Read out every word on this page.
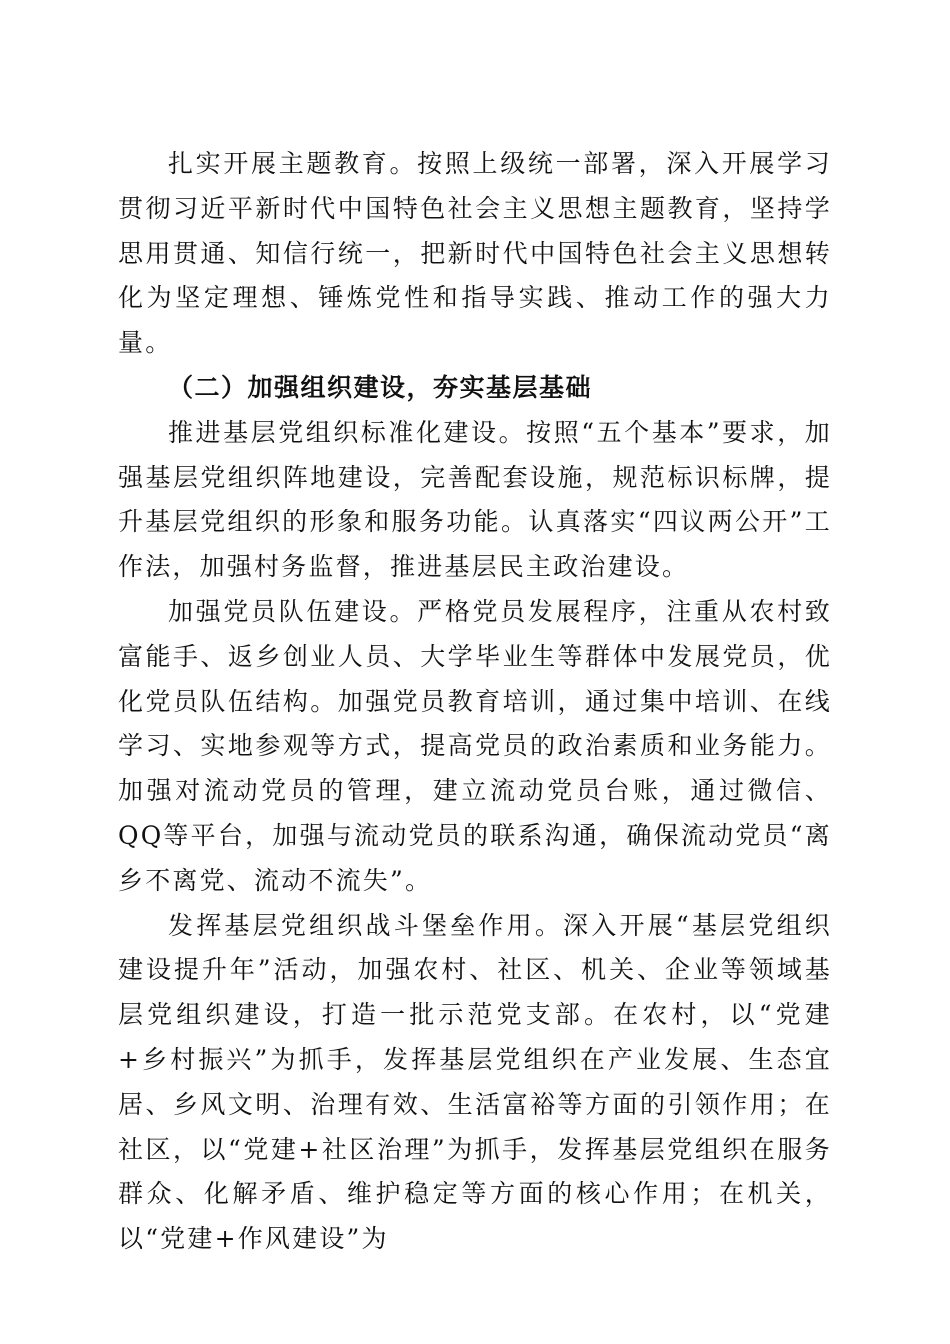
扎实开展主题教育。按照上级统一部署，深入开展学习贯彻习近平新时代中国特色社会主义思想主题教育，坚持学思用贯通、知信行统一，把新时代中国特色社会主义思想转化为坚定理想、锤炼党性和指导实践、推动工作的强大力量。

（二）加强组织建设，夯实基层基础

推进基层党组织标准化建设。按照“五个基本”要求，加强基层党组织阵地建设，完善配套设施，规范标识标牌，提升基层党组织的形象和服务功能。认真落实“四议两公开”工作法，加强村务监督，推进基层民主政治建设。

加强党员队伍建设。严格党员发展程序，注重从农村致富能手、返乡创业人员、大学毕业生等群体中发展党员，优化党员队伍结构。加强党员教育培训，通过集中培训、在线学习、实地参观等方式，提高党员的政治素质和业务能力。加强对流动党员的管理，建立流动党员台账，通过微信、QQ等平台，加强与流动党员的联系沟通，确保流动党员“离乡不离党、流动不流失”。

发挥基层党组织战斗堡垒作用。深入开展“基层党组织建设提升年”活动，加强农村、社区、机关、企业等领域基层党组织建设，打造一批示范党支部。在农村，以“党建+乡村振兴”为抓手，发挥基层党组织在产业发展、生态宜居、乡风文明、治理有效、生活富裕等方面的引领作用；在社区，以“党建+社区治理”为抓手，发挥基层党组织在服务群众、化解矛盾、维护稳定等方面的核心作用；在机关，以“党建+作风建设”为
